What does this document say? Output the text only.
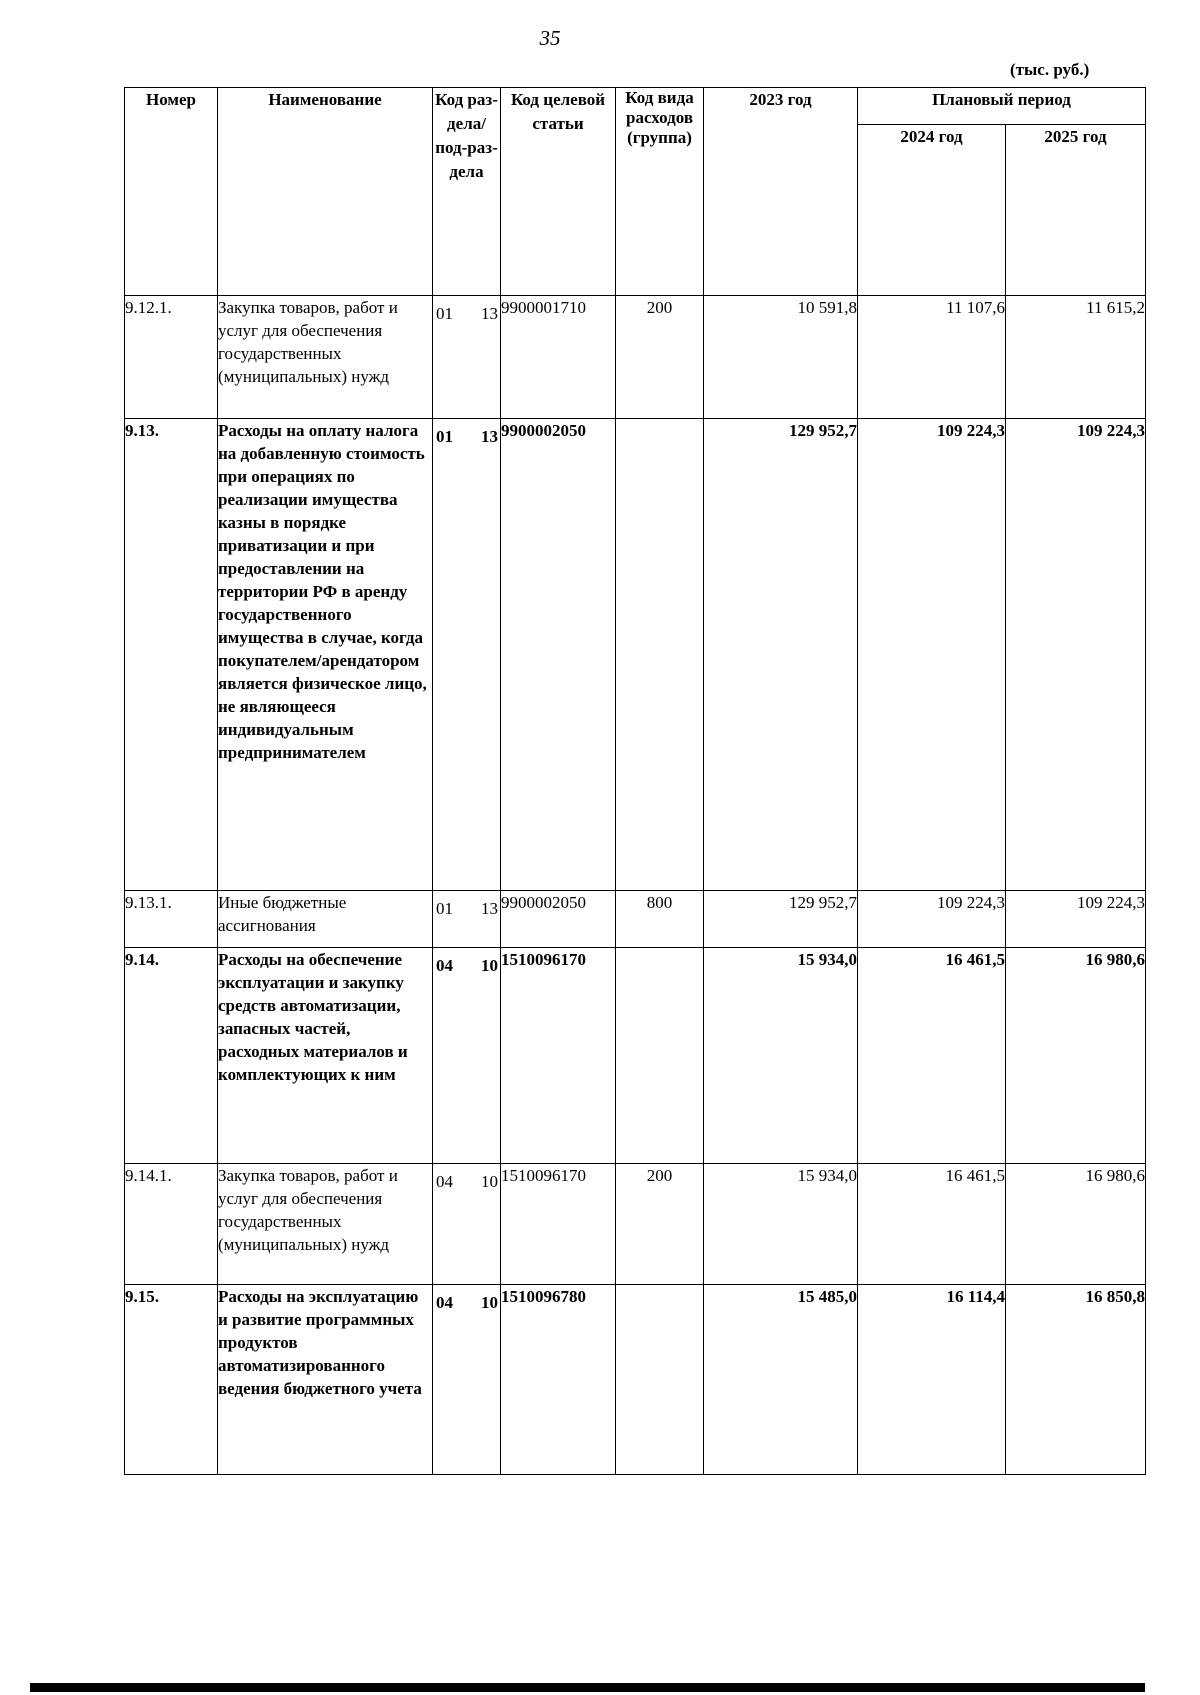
35
(тыс. руб.)
Номер	Наименование	Код раз-дела/ под-раз-дела	Код целевой статьи	Код вида расходов (группа)	2023 год	Плановый период	
						2024 год	2025 год
9.12.1.	Закупка товаров, работ и услуг для обеспечения государственных (муниципальных) нужд	01 13	9900001710	200	10 591,8	11 107,6	11 615,2
9.13.	Расходы на оплату налога на добавленную стоимость при операциях по реализации имущества казны в порядке приватизации и при предоставлении на территории РФ в аренду государственного имущества в случае, когда покупателем/арендатором является физическое лицо, не являющееся индивидуальным предпринимателем	01 13	9900002050		129 952,7	109 224,3	109 224,3
9.13.1.	Иные бюджетные ассигнования	01 13	9900002050	800	129 952,7	109 224,3	109 224,3
9.14.	Расходы на обеспечение эксплуатации и закупку средств автоматизации, запасных частей, расходных материалов и комплектующих к ним	04 10	1510096170		15 934,0	16 461,5	16 980,6
9.14.1.	Закупка товаров, работ и услуг для обеспечения государственных (муниципальных) нужд	04 10	1510096170	200	15 934,0	16 461,5	16 980,6
9.15.	Расходы на эксплуатацию и развитие программных продуктов автоматизированного ведения бюджетного учета	04 10	1510096780		15 485,0	16 114,4	16 850,8
